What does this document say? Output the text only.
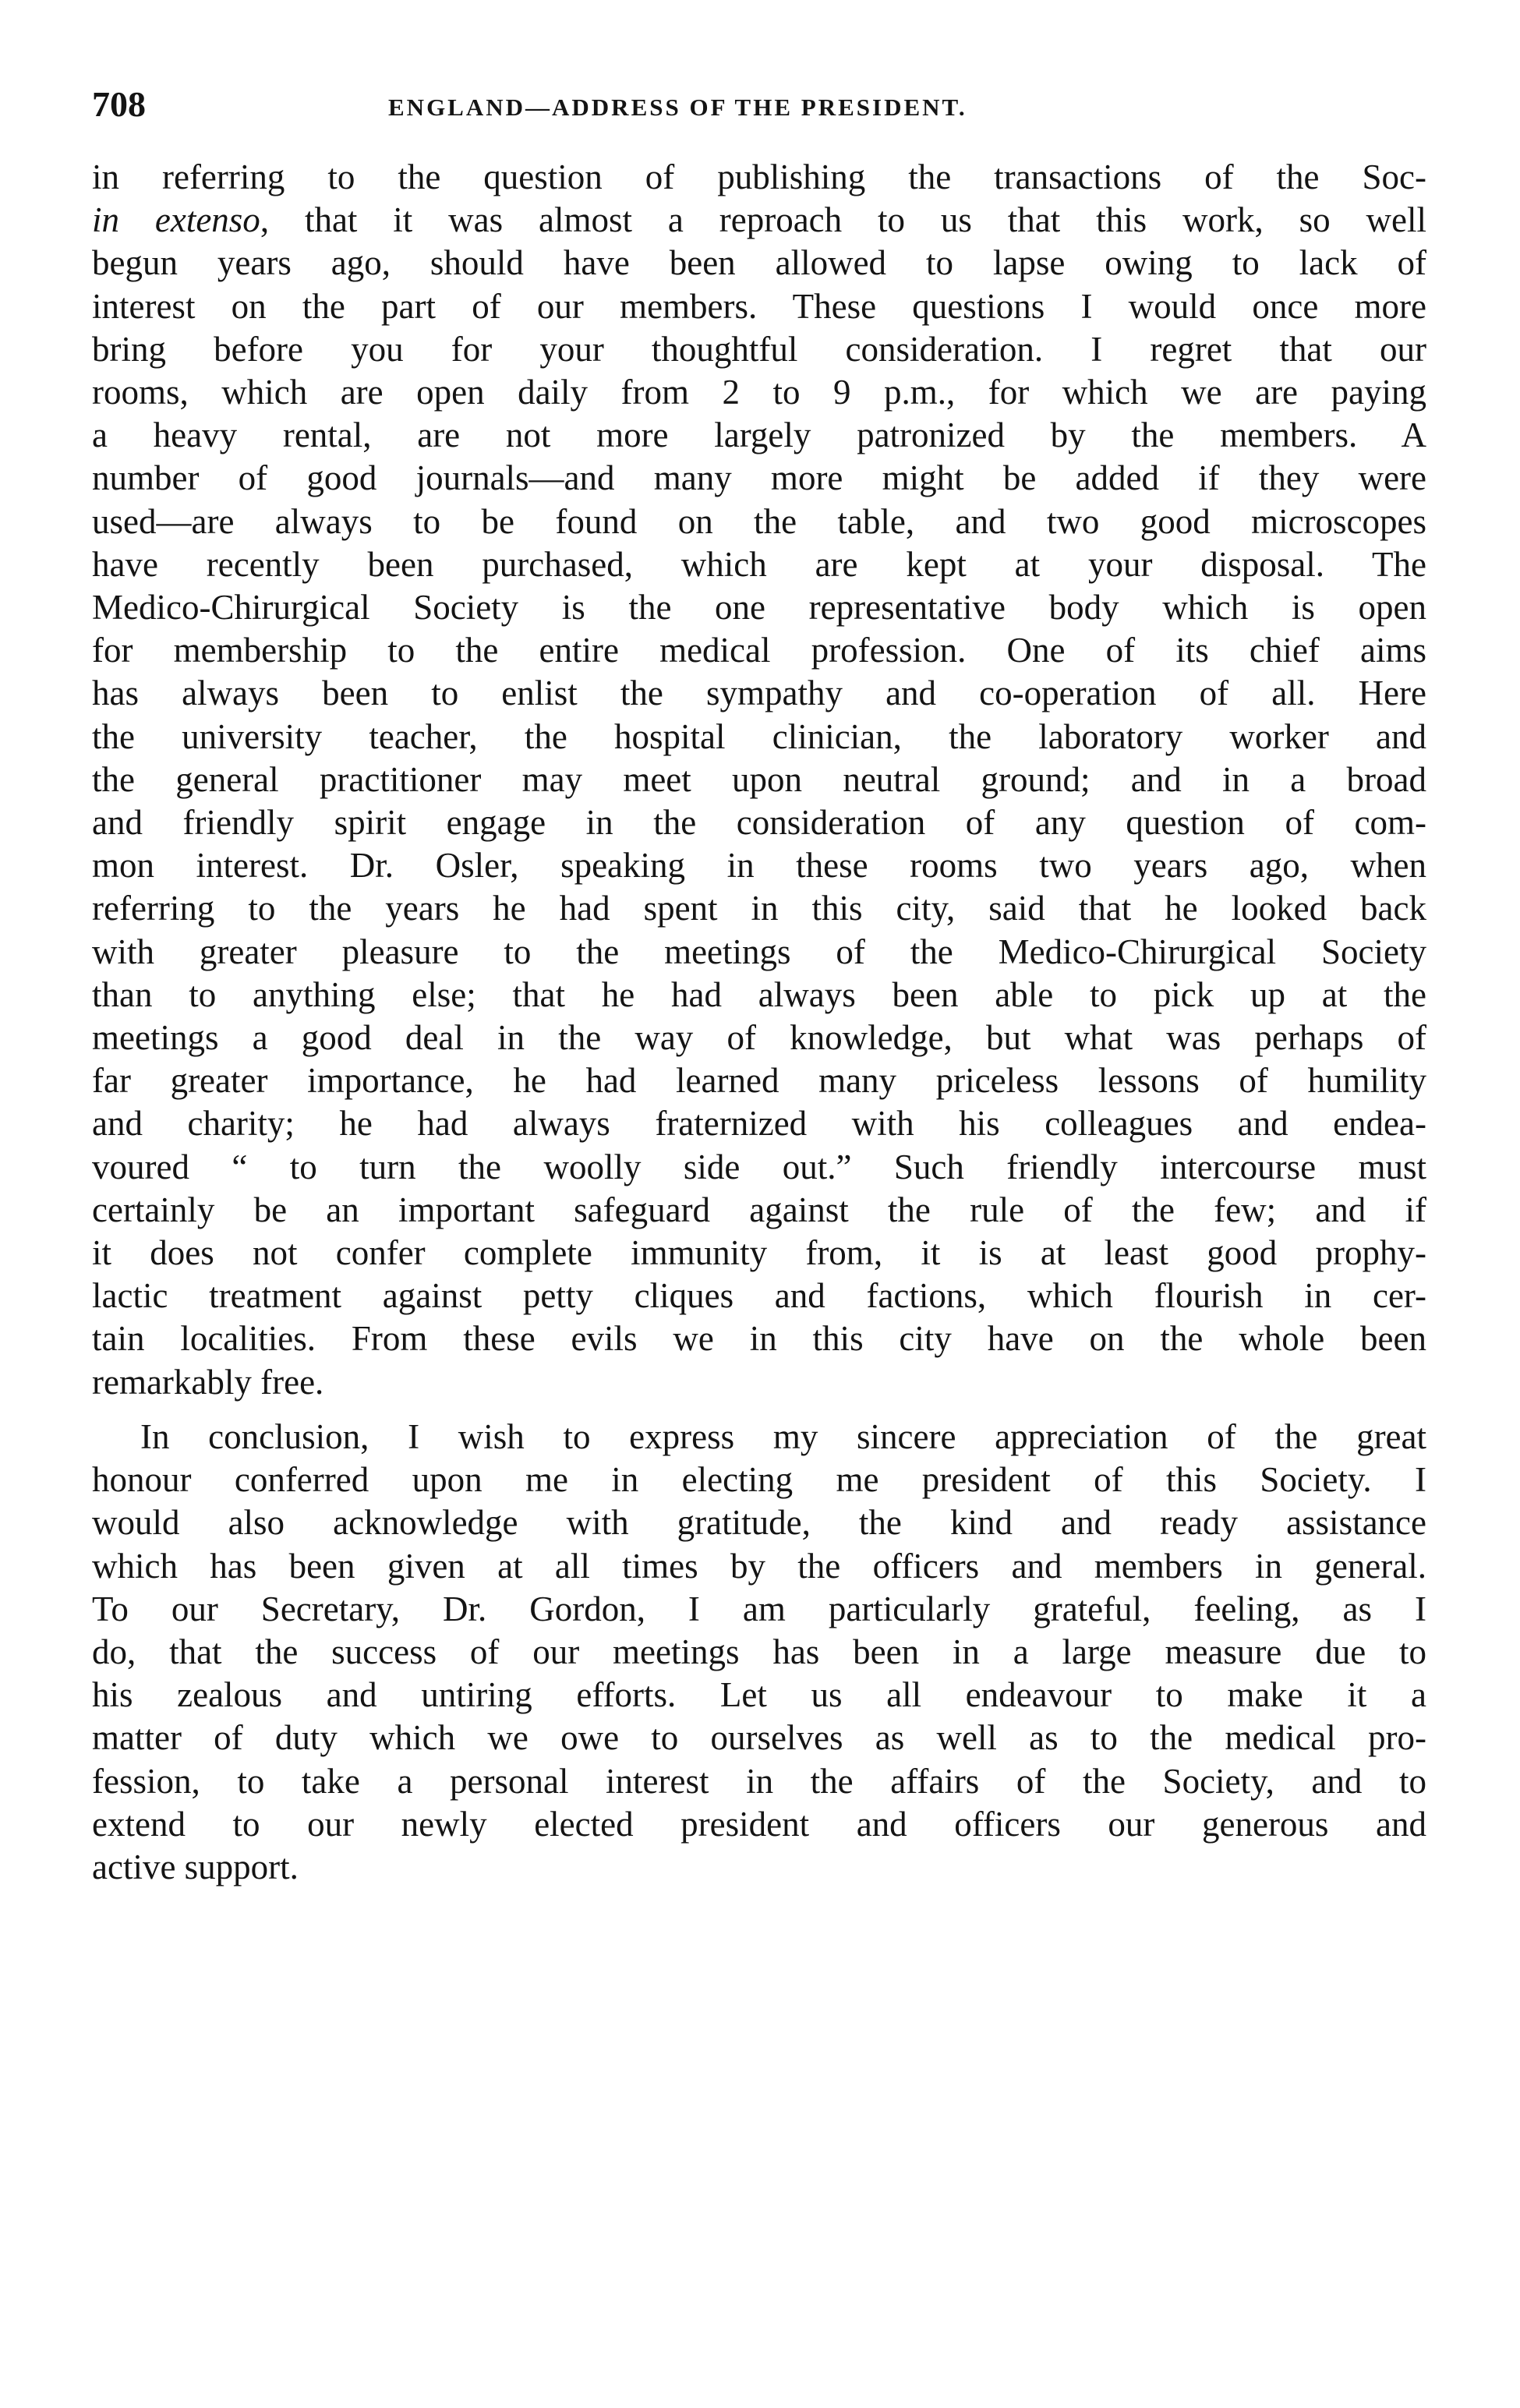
708	ENGLAND—ADDRESS OF THE PRESIDENT.
in referring to the question of publishing the transactions of the Soc-
in extenso, that it was almost a reproach to us that this work, so well
begun years ago, should have been allowed to lapse owing to lack of
interest on the part of our members. These questions I would once more
bring before you for your thoughtful consideration. I regret that our
rooms, which are open daily from 2 to 9 p.m., for which we are paying
a heavy rental, are not more largely patronized by the members. A
number of good journals—and many more might be added if they were
used—are always to be found on the table, and two good microscopes
have recently been purchased, which are kept at your disposal. The
Medico-Chirurgical Society is the one representative body which is open
for membership to the entire medical profession. One of its chief aims
has always been to enlist the sympathy and co-operation of all. Here
the university teacher, the hospital clinician, the laboratory worker and
the general practitioner may meet upon neutral ground; and in a broad
and friendly spirit engage in the consideration of any question of com-
mon interest. Dr. Osler, speaking in these rooms two years ago, when
referring to the years he had spent in this city, said that he looked back
with greater pleasure to the meetings of the Medico-Chirurgical Society
than to anything else; that he had always been able to pick up at the
meetings a good deal in the way of knowledge, but what was perhaps of
far greater importance, he had learned many priceless lessons of humility
and charity; he had always fraternized with his colleagues and endea-
voured “ to turn the woolly side out.” Such friendly intercourse must
certainly be an important safeguard against the rule of the few; and if
it does not confer complete immunity from, it is at least good prophy-
lactic treatment against petty cliques and factions, which flourish in cer-
tain localities. From these evils we in this city have on the whole been
remarkably free.
In conclusion, I wish to express my sincere appreciation of the great
honour conferred upon me in electing me president of this Society. I
would also acknowledge with gratitude, the kind and ready assistance
which has been given at all times by the officers and members in general.
To our Secretary, Dr. Gordon, I am particularly grateful, feeling, as I
do, that the success of our meetings has been in a large measure due to
his zealous and untiring efforts. Let us all endeavour to make it a
matter of duty which we owe to ourselves as well as to the medical pro-
fession, to take a personal interest in the affairs of the Society, and to
extend to our newly elected president and officers our generous and
active support.
